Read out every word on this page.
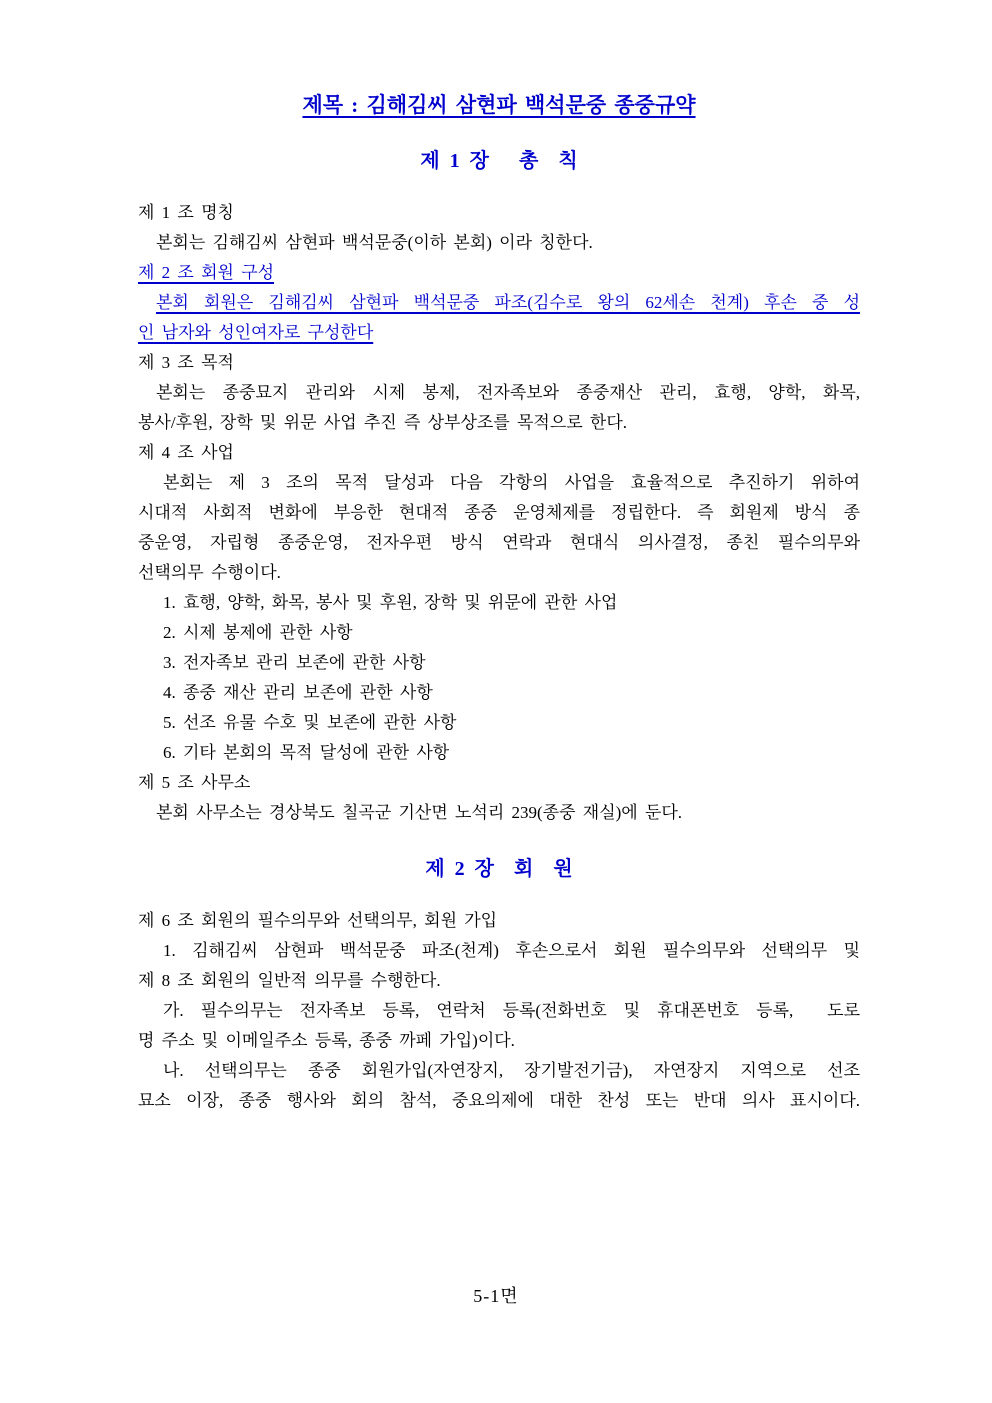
제목 : 김해김씨 삼현파 백석문중 종중규약
제 1 장   총  칙
제 1 조 명칭
본회는 김해김씨 삼현파 백석문중(이하 본회) 이라 칭한다.
제 2 조 회원 구성
본회 회원은 김해김씨 삼현파 백석문중 파조(김수로 왕의 62세손 천계) 후손 중 성
인 남자와 성인여자로 구성한다
제 3 조 목적
본회는 종중묘지 관리와 시제 봉제, 전자족보와 종중재산 관리, 효행, 양학, 화목,
봉사/후원, 장학 및 위문 사업 추진 즉 상부상조를 목적으로 한다.
제 4 조 사업
본회는 제 3 조의 목적 달성과 다음 각항의 사업을 효율적으로 추진하기 위하여
시대적 사회적 변화에 부응한 현대적 종중 운영체제를 정립한다. 즉 회원제 방식 종
중운영, 자립형 종중운영, 전자우편 방식 연락과 현대식 의사결정, 종친 필수의무와
선택의무 수행이다.
1. 효행, 양학, 화목, 봉사 및 후원, 장학 및 위문에 관한 사업
2. 시제 봉제에 관한 사항
3. 전자족보 관리 보존에 관한 사항
4. 종중 재산 관리 보존에 관한 사항
5. 선조 유물 수호 및 보존에 관한 사항
6. 기타 본회의 목적 달성에 관한 사항
제 5 조 사무소
본회 사무소는 경상북도 칠곡군 기산면 노석리 239(종중 재실)에 둔다.
제 2 장  회  원
제 6 조 회원의 필수의무와 선택의무, 회원 가입
1. 김해김씨 삼현파 백석문중 파조(천계) 후손으로서 회원 필수의무와 선택의무 및
제 8 조 회원의 일반적 의무를 수행한다.
가. 필수의무는 전자족보 등록, 연락처 등록(전화번호 및 휴대폰번호 등록,  도로
명 주소 및 이메일주소 등록, 종중 까페 가입)이다.
나. 선택의무는 종중 회원가입(자연장지, 장기발전기금), 자연장지 지역으로 선조
묘소 이장, 종중 행사와 회의 참석, 중요의제에 대한 찬성 또는 반대 의사 표시이다.
5-1면
